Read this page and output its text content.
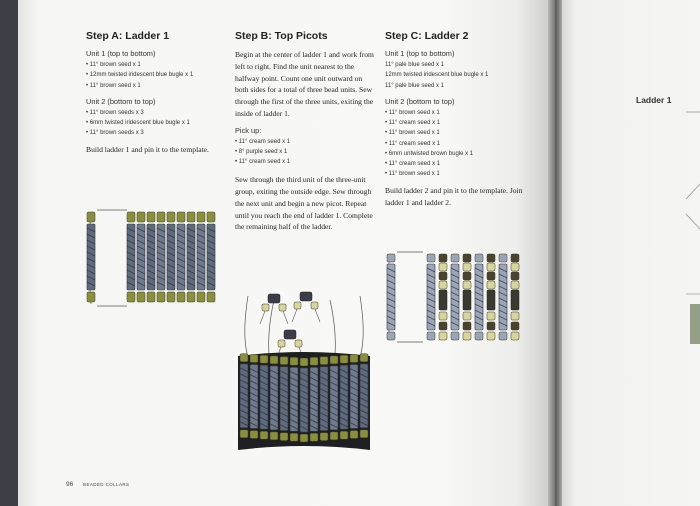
Step A: Ladder 1
Unit 1 (top to bottom)
• 11° brown seed x 1
• 12mm twisted iridescent blue bugle x 1
• 11° brown seed x 1
Unit 2 (bottom to top)
• 11° brown seeds x 3
• 6mm twisted iridescent blue bugle x 1
• 11° brown seeds x 3
Build ladder 1 and pin it to the template.
Step B: Top Picots
Begin at the center of ladder 1 and work from left to right. Find the unit nearest to the halfway point. Count one unit outward on both sides for a total of three bead units. Sew through the first of the three units, exiting the inside of ladder 1.
Pick up:
• 11° cream seed x 1
• 8° purple seed x 1
• 11° cream seed x 1
Sew through the third unit of the three-unit group, exiting the outside edge. Sew through the next unit and begin a new picot. Repeat until you reach the end of ladder 1. Complete the remaining half of the ladder.
Step C: Ladder 2
Unit 1 (top to bottom)
11° pale blue seed x 1
12mm twisted iridescent blue bugle x 1
11° pale blue seed x 1
Unit 2 (bottom to top)
• 11° brown seed x 1
• 11° cream seed x 1
• 11° brown seed x 1
• 11° cream seed x 1
• 6mm untwisted brown bugle x 1
• 11° cream seed x 1
• 11° brown seed x 1
Build ladder 2 and pin it to the template. Join ladder 1 and ladder 2.
96 BEADED COLLARS
Ladder 1
